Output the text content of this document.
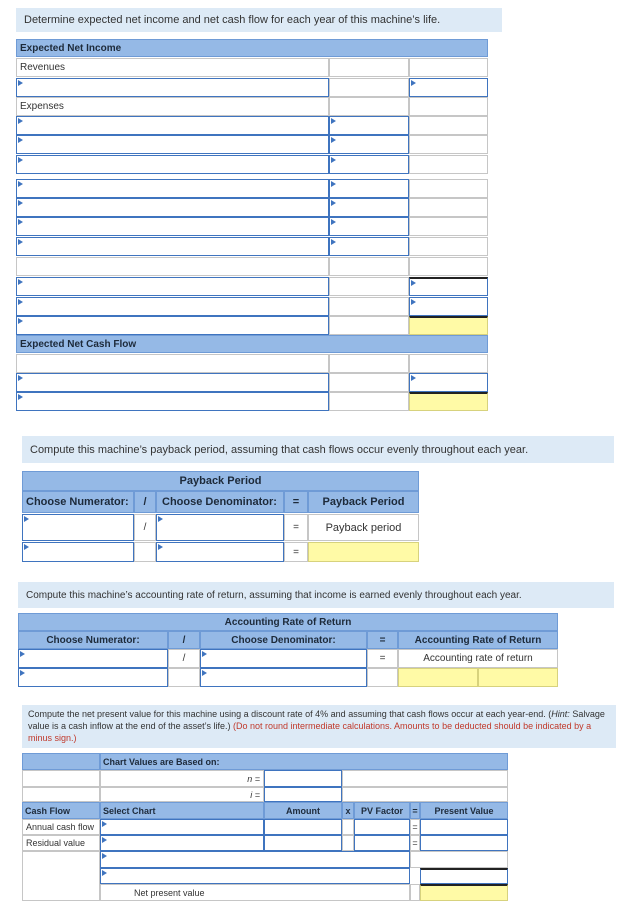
Determine expected net income and net cash flow for each year of this machine’s life.
Expected Net Income
Revenues
Expenses
Expected Net Cash Flow
Compute this machine’s payback period, assuming that cash flows occur evenly throughout each year.
Payback Period
Choose Numerator: / Choose Denominator: = Payback Period
/	= Payback period
=
Compute this machine’s accounting rate of return, assuming that income is earned evenly throughout each year.
Accounting Rate of Return
Choose Numerator:	/	Choose Denominator:	=	Accounting Rate of Return
/	=	Accounting rate of return
Compute the net present value for this machine using a discount rate of 4% and assuming that cash flows occur at each year-end. (Hint: Salvage value is a cash inflow at the end of the asset’s life.) (Do not round intermediate calculations. Amounts to be deducted should be indicated by a minus sign.)
Chart Values are Based on:
n =
i =
Cash Flow	Select Chart	Amount	x PV Factor = Present Value
Annual cash flow	=
Residual value	=
Net present value
